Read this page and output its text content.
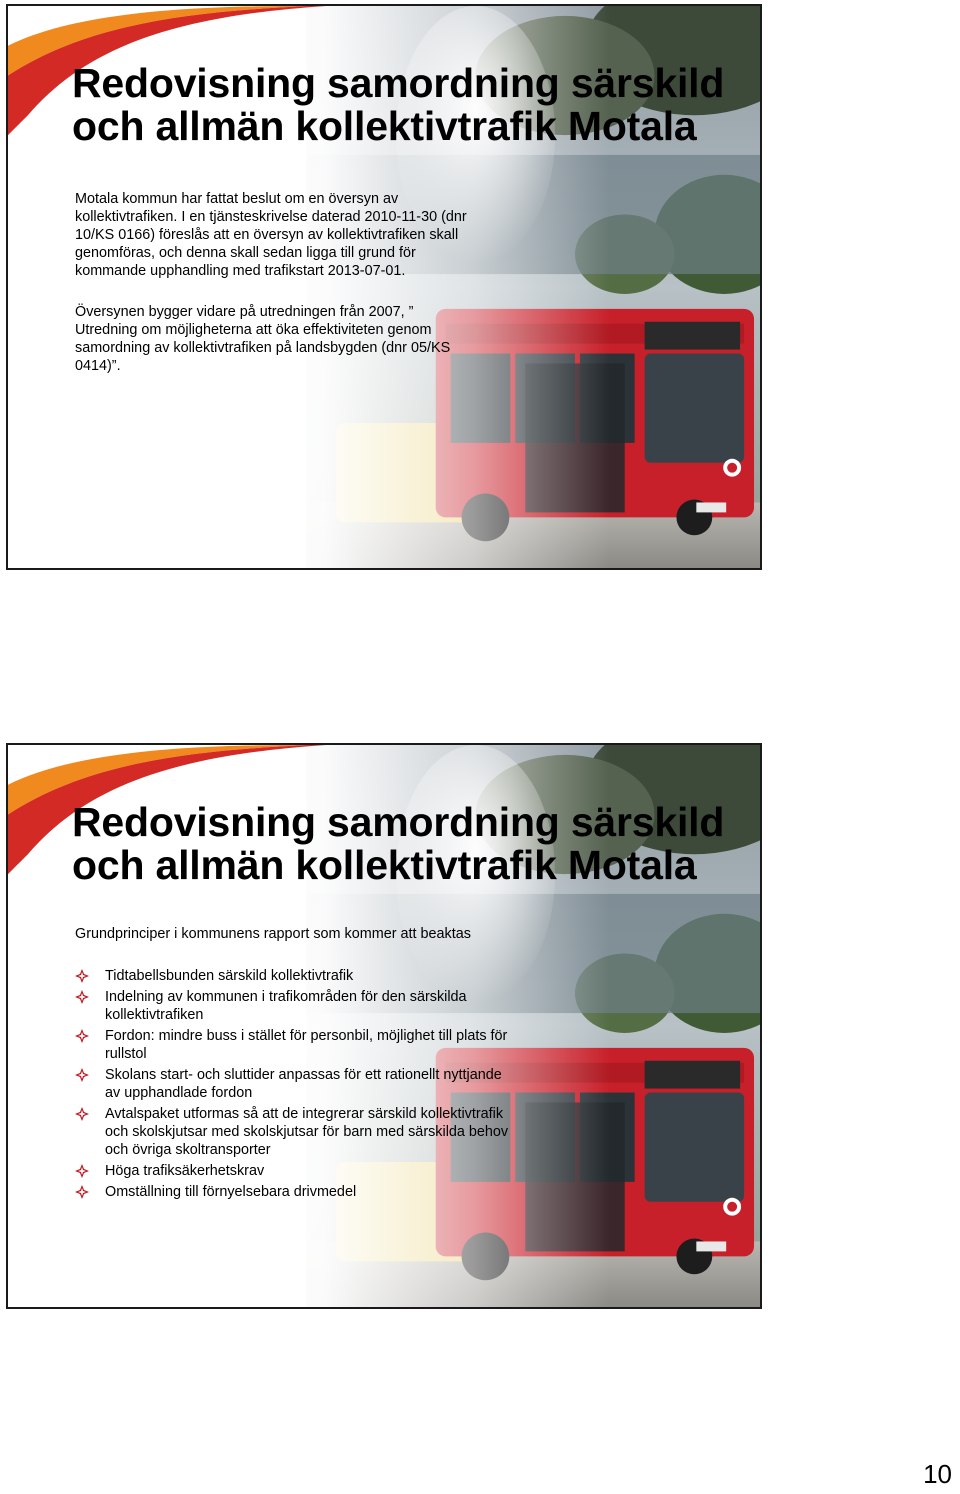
Redovisning samordning särskild
och allmän kollektivtrafik Motala
Motala kommun har fattat beslut om en översyn av
kollektivtrafiken. I en tjänsteskrivelse daterad 2010-11-30 (dnr
10/KS 0166) föreslås att en översyn av kollektivtrafiken skall
genomföras, och denna skall sedan ligga till grund för
kommande upphandling med trafikstart 2013-07-01.
Översynen bygger vidare på utredningen från 2007, ”
Utredning om möjligheterna att öka effektiviteten genom
samordning av kollektivtrafiken på landsbygden (dnr 05/KS
0414)”.
Redovisning samordning särskild
och allmän kollektivtrafik Motala
Grundprinciper i kommunens rapport som kommer att beaktas
Tidtabellsbunden särskild kollektivtrafik
Indelning av kommunen i trafikområden för den särskilda
kollektivtrafiken
Fordon: mindre buss i stället för personbil, möjlighet till plats för
rullstol
Skolans start- och sluttider anpassas för ett rationellt nyttjande
av upphandlade fordon
Avtalspaket utformas så att de integrerar särskild kollektivtrafik
och skolskjutsar med skolskjutsar för barn med särskilda behov
och övriga skoltransporter
Höga trafiksäkerhetskrav
Omställning till förnyelsebara drivmedel
10
